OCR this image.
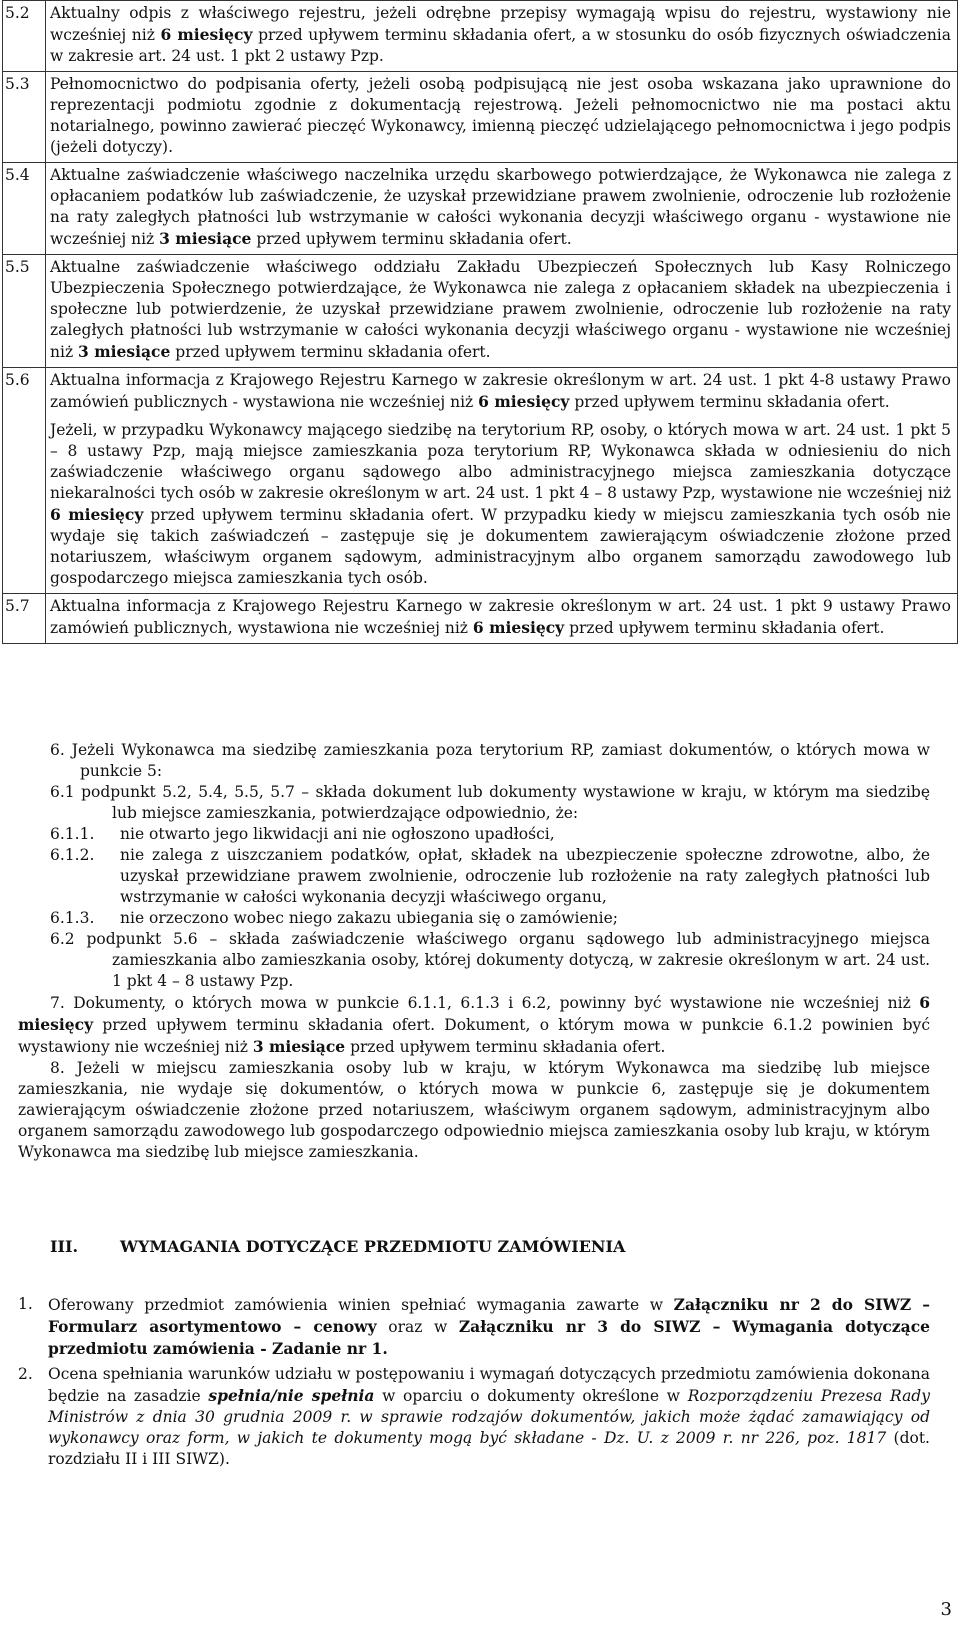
5.2	Aktualny odpis z właściwego rejestru, jeżeli odrębne przepisy wymagają wpisu do rejestru, wystawiony nie wcześniej niż 6 miesięcy przed upływem terminu składania ofert, a w stosunku do osób fizycznych oświadczenia w zakresie art. 24 ust. 1 pkt 2 ustawy Pzp.

5.3	Pełnomocnictwo do podpisania oferty, jeżeli osobą podpisującą nie jest osoba wskazana jako uprawnione do reprezentacji podmiotu zgodnie z dokumentacją rejestrową. Jeżeli pełnomocnictwo nie ma postaci aktu notarialnego, powinno zawierać pieczęć Wykonawcy, imienną pieczęć udzielającego pełnomocnictwa i jego podpis (jeżeli dotyczy).

5.4	Aktualne zaświadczenie właściwego naczelnika urzędu skarbowego potwierdzające, że Wykonawca nie zalega z opłacaniem podatków lub zaświadczenie, że uzyskał przewidziane prawem zwolnienie, odroczenie lub rozłożenie na raty zaległych płatności lub wstrzymanie w całości wykonania decyzji właściwego organu - wystawione nie wcześniej niż 3 miesiące przed upływem terminu składania ofert.

5.5	Aktualne zaświadczenie właściwego oddziału Zakładu Ubezpieczeń Społecznych lub Kasy Rolniczego Ubezpieczenia Społecznego potwierdzające, że Wykonawca nie zalega z opłacaniem składek na ubezpieczenia i społeczne lub potwierdzenie, że uzyskał przewidziane prawem zwolnienie, odroczenie lub rozłożenie na raty zaległych płatności lub wstrzymanie w całości wykonania decyzji właściwego organu - wystawione nie wcześniej niż 3 miesiące przed upływem terminu składania ofert.

5.6	Aktualna informacja z Krajowego Rejestru Karnego w zakresie określonym w art. 24 ust. 1 pkt 4-8 ustawy Prawo zamówień publicznych - wystawiona nie wcześniej niż 6 miesięcy przed upływem terminu składania ofert.

Jeżeli, w przypadku Wykonawcy mającego siedzibę na terytorium RP, osoby, o których mowa w art. 24 ust. 1 pkt 5 – 8 ustawy Pzp, mają miejsce zamieszkania poza terytorium RP, Wykonawca składa w odniesieniu do nich zaświadczenie właściwego organu sądowego albo administracyjnego miejsca zamieszkania dotyczące niekaralności tych osób w zakresie określonym w art. 24 ust. 1 pkt 4 – 8 ustawy Pzp, wystawione nie wcześniej niż 6 miesięcy przed upływem terminu składania ofert. W przypadku kiedy w miejscu zamieszkania tych osób nie wydaje się takich zaświadczeń – zastępuje się je dokumentem zawierającym oświadczenie złożone przed notariuszem, właściwym organem sądowym, administracyjnym albo organem samorządu zawodowego lub gospodarczego miejsca zamieszkania tych osób.

5.7	Aktualna informacja z Krajowego Rejestru Karnego w zakresie określonym w art. 24 ust. 1 pkt 9 ustawy Prawo zamówień publicznych, wystawiona nie wcześniej niż 6 miesięcy przed upływem terminu składania ofert.

6. Jeżeli Wykonawca ma siedzibę zamieszkania poza terytorium RP, zamiast dokumentów, o których mowa w punkcie 5:
6.1 podpunkt 5.2, 5.4, 5.5, 5.7 – składa dokument lub dokumenty wystawione w kraju, w którym ma siedzibę lub miejsce zamieszkania, potwierdzające odpowiednio, że:
6.1.1. nie otwarto jego likwidacji ani nie ogłoszono upadłości,
6.1.2. nie zalega z uiszczaniem podatków, opłat, składek na ubezpieczenie społeczne zdrowotne, albo, że uzyskał przewidziane prawem zwolnienie, odroczenie lub rozłożenie na raty zaległych płatności lub wstrzymanie w całości wykonania decyzji właściwego organu,
6.1.3. nie orzeczono wobec niego zakazu ubiegania się o zamówienie;
6.2 podpunkt 5.6 – składa zaświadczenie właściwego organu sądowego lub administracyjnego miejsca zamieszkania albo zamieszkania osoby, której dokumenty dotyczą, w zakresie określonym w art. 24 ust. 1 pkt 4 – 8 ustawy Pzp.
7. Dokumenty, o których mowa w punkcie 6.1.1, 6.1.3 i 6.2, powinny być wystawione nie wcześniej niż 6 miesięcy przed upływem terminu składania ofert. Dokument, o którym mowa w punkcie 6.1.2 powinien być wystawiony nie wcześniej niż 3 miesiące przed upływem terminu składania ofert.
8. Jeżeli w miejscu zamieszkania osoby lub w kraju, w którym Wykonawca ma siedzibę lub miejsce zamieszkania, nie wydaje się dokumentów, o których mowa w punkcie 6, zastępuje się je dokumentem zawierającym oświadczenie złożone przed notariuszem, właściwym organem sądowym, administracyjnym albo organem samorządu zawodowego lub gospodarczego odpowiednio miejsca zamieszkania osoby lub kraju, w którym Wykonawca ma siedzibę lub miejsce zamieszkania.
III.	WYMAGANIA DOTYCZĄCE PRZEDMIOTU ZAMÓWIENIA
1. Oferowany przedmiot zamówienia winien spełniać wymagania zawarte w Załączniku nr 2 do SIWZ – Formularz asortymentowo – cenowy oraz w Załączniku nr 3 do SIWZ – Wymagania dotyczące przedmiotu zamówienia - Zadanie nr 1.
2. Ocena spełniania warunków udziału w postępowaniu i wymagań dotyczących przedmiotu zamówienia dokonana będzie na zasadzie spełnia/nie spełnia w oparciu o dokumenty określone w Rozporządzeniu Prezesa Rady Ministrów z dnia 30 grudnia 2009 r. w sprawie rodzajów dokumentów, jakich może żądać zamawiający od wykonawcy oraz form, w jakich te dokumenty mogą być składane - Dz. U. z 2009 r. nr 226, poz. 1817 (dot. rozdziału II i III SIWZ).
3
